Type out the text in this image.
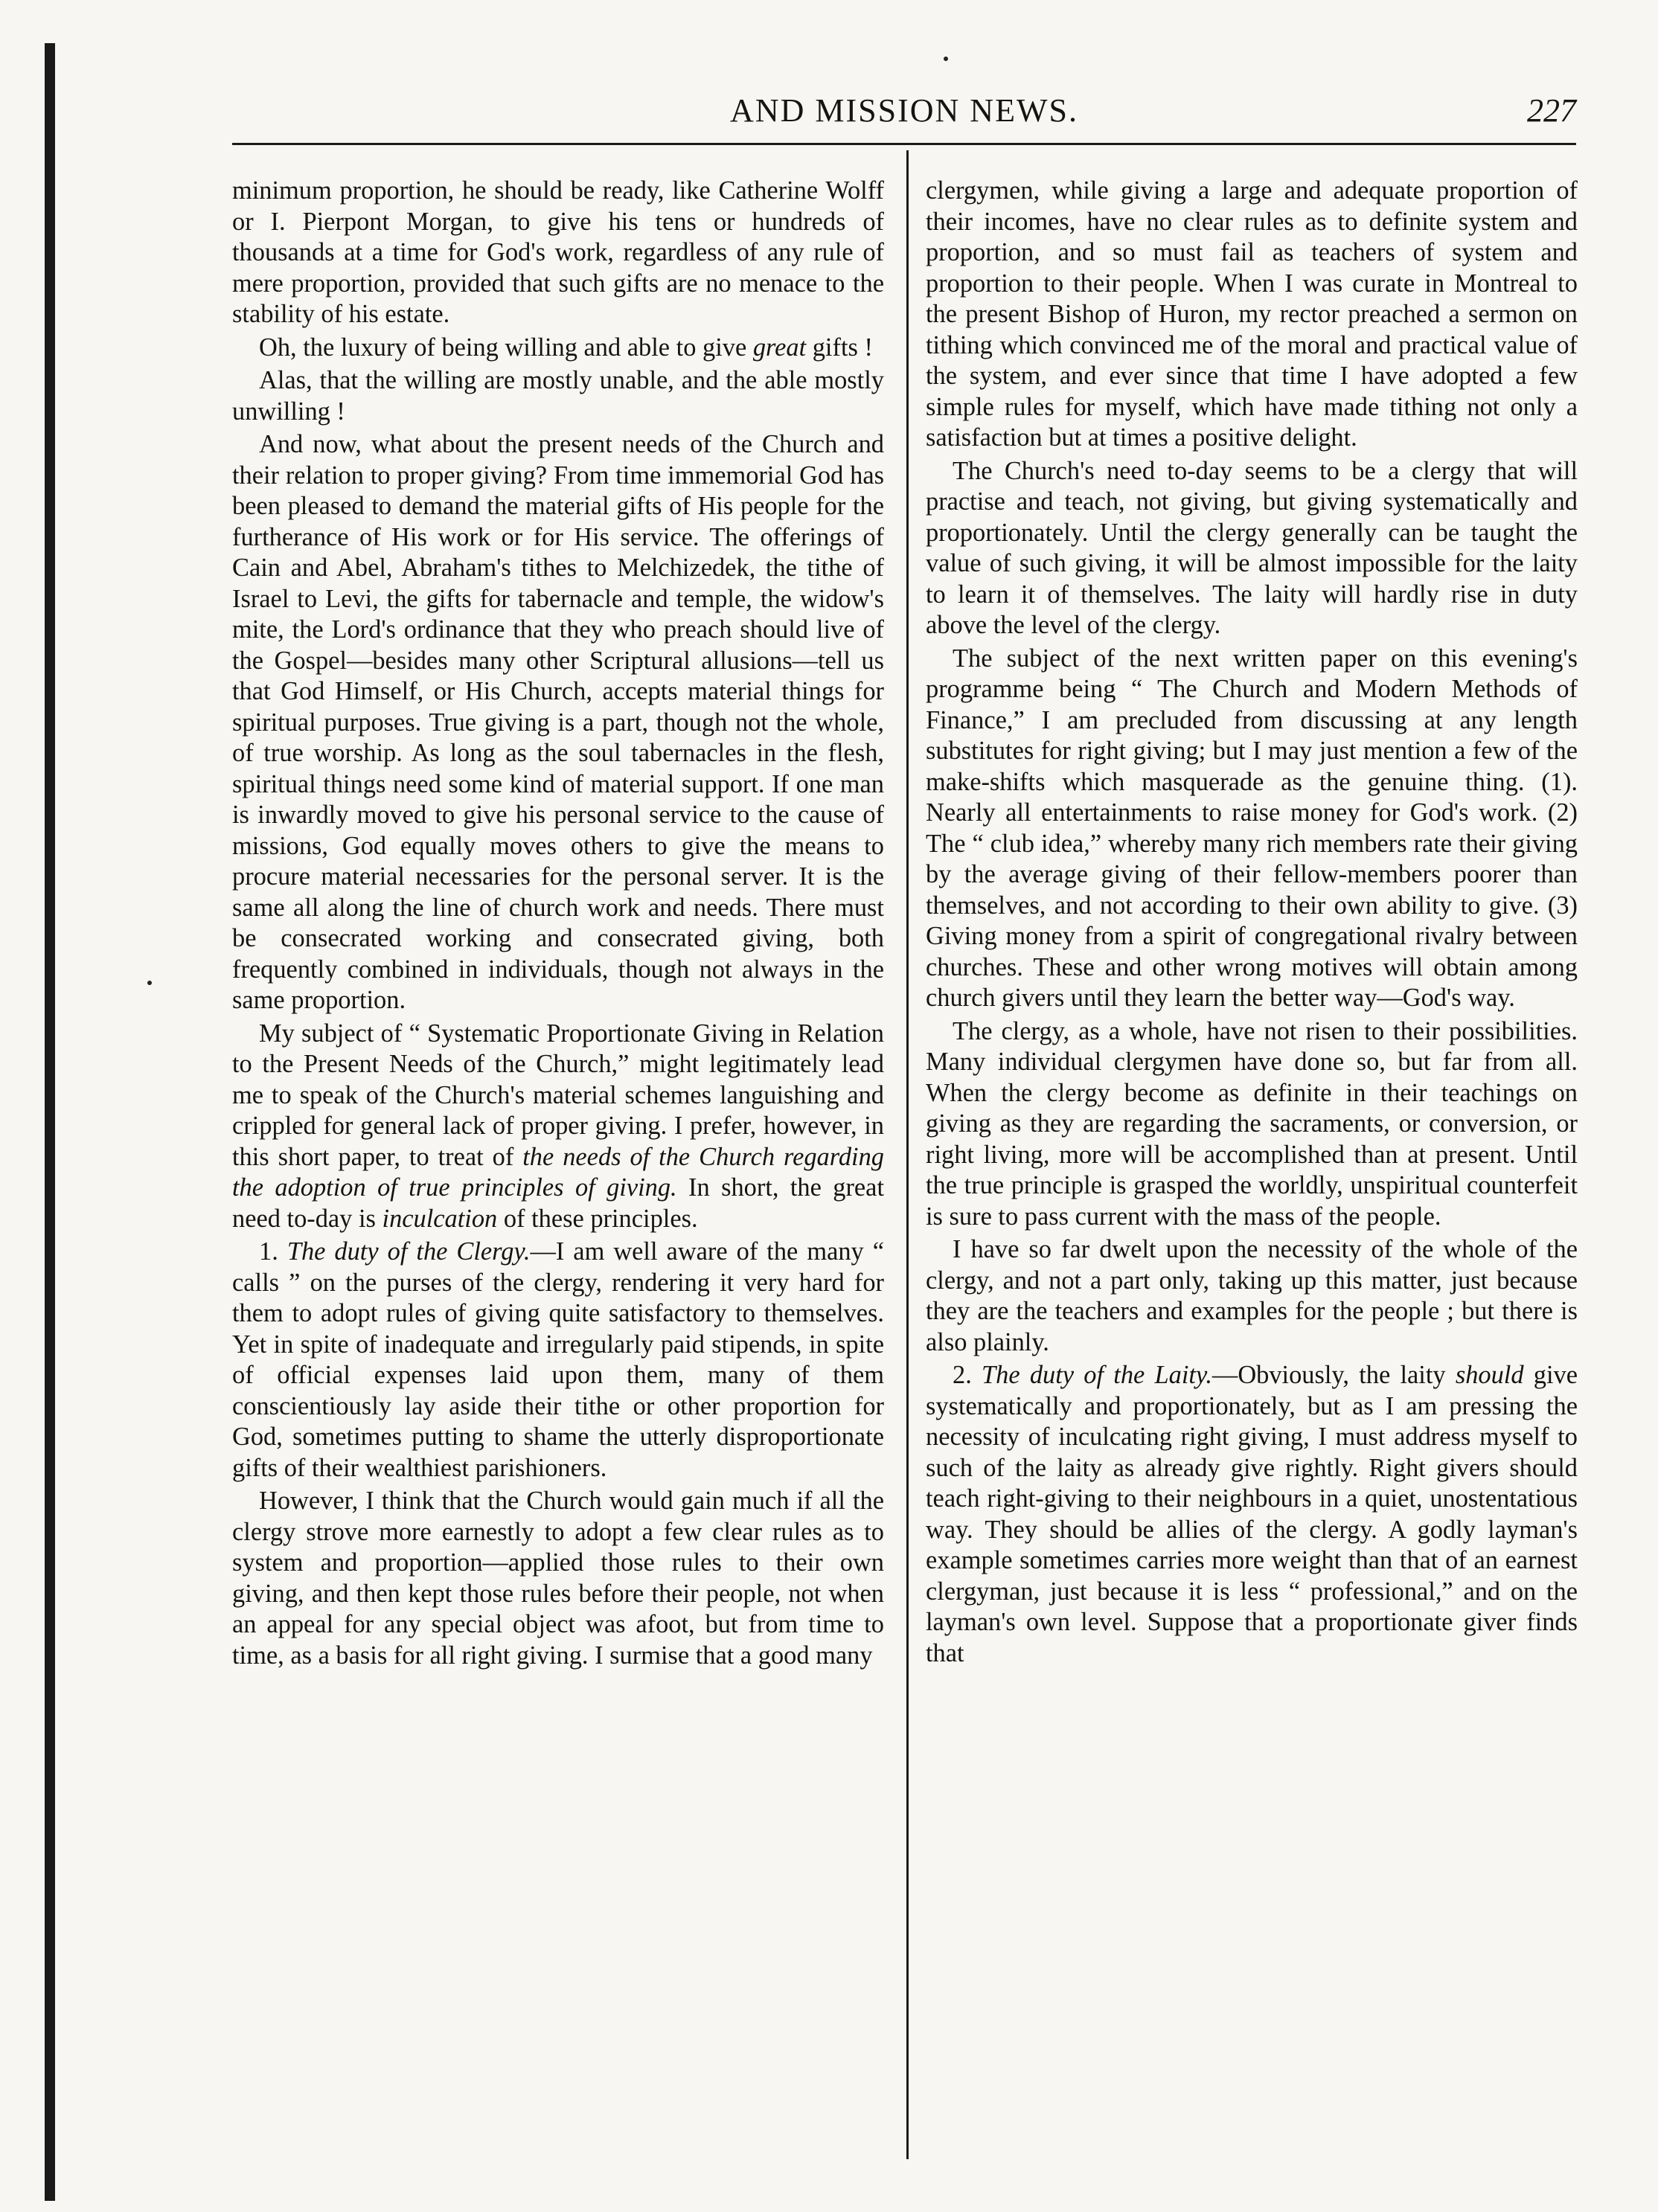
AND MISSION NEWS.	227

minimum proportion, he should be ready, like Catherine Wolff or I. Pierpont Morgan, to give his tens or hundreds of thousands at a time for God's work, regardless of any rule of mere proportion, provided that such gifts are no menace to the stability of his estate.

Oh, the luxury of being willing and able to give great gifts !

Alas, that the willing are mostly unable, and the able mostly unwilling !

And now, what about the present needs of the Church and their relation to proper giving? From time immemorial God has been pleased to demand the material gifts of His people for the furtherance of His work or for His service. The offerings of Cain and Abel, Abraham's tithes to Melchizedek, the tithe of Israel to Levi, the gifts for tabernacle and temple, the widow's mite, the Lord's ordinance that they who preach should live of the Gospel—besides many other Scriptural allusions—tell us that God Himself, or His Church, accepts material things for spiritual purposes. True giving is a part, though not the whole, of true worship. As long as the soul tabernacles in the flesh, spiritual things need some kind of material support. If one man is inwardly moved to give his personal service to the cause of missions, God equally moves others to give the means to procure material necessaries for the personal server. It is the same all along the line of church work and needs. There must be consecrated working and consecrated giving, both frequently combined in individuals, though not always in the same proportion.

My subject of “ Systematic Proportionate Giving in Relation to the Present Needs of the Church,” might legitimately lead me to speak of the Church's material schemes languishing and crippled for general lack of proper giving. I prefer, however, in this short paper, to treat of the needs of the Church regarding the adoption of true principles of giving. In short, the great need to-day is inculcation of these principles.

1. The duty of the Clergy.—I am well aware of the many “ calls ” on the purses of the clergy, rendering it very hard for them to adopt rules of giving quite satisfactory to themselves. Yet in spite of inadequate and irregularly paid stipends, in spite of official expenses laid upon them, many of them conscientiously lay aside their tithe or other proportion for God, sometimes putting to shame the utterly disproportionate gifts of their wealthiest parishioners.

However, I think that the Church would gain much if all the clergy strove more earnestly to adopt a few clear rules as to system and proportion—applied those rules to their own giving, and then kept those rules before their people, not when an appeal for any special object was afoot, but from time to time, as a basis for all right giving. I surmise that a good many

clergymen, while giving a large and adequate proportion of their incomes, have no clear rules as to definite system and proportion, and so must fail as teachers of system and proportion to their people. When I was curate in Montreal to the present Bishop of Huron, my rector preached a sermon on tithing which convinced me of the moral and practical value of the system, and ever since that time I have adopted a few simple rules for myself, which have made tithing not only a satisfaction but at times a positive delight.

The Church's need to-day seems to be a clergy that will practise and teach, not giving, but giving systematically and proportionately. Until the clergy generally can be taught the value of such giving, it will be almost impossible for the laity to learn it of themselves. The laity will hardly rise in duty above the level of the clergy.

The subject of the next written paper on this evening's programme being “ The Church and Modern Methods of Finance,” I am precluded from discussing at any length substitutes for right giving; but I may just mention a few of the make-shifts which masquerade as the genuine thing. (1). Nearly all entertainments to raise money for God's work. (2) The “ club idea,” whereby many rich members rate their giving by the average giving of their fellow-members poorer than themselves, and not according to their own ability to give. (3) Giving money from a spirit of congregational rivalry between churches. These and other wrong motives will obtain among church givers until they learn the better way—God's way.

The clergy, as a whole, have not risen to their possibilities. Many individual clergymen have done so, but far from all. When the clergy become as definite in their teachings on giving as they are regarding the sacraments, or conversion, or right living, more will be accomplished than at present. Until the true principle is grasped the worldly, unspiritual counterfeit is sure to pass current with the mass of the people.

I have so far dwelt upon the necessity of the whole of the clergy, and not a part only, taking up this matter, just because they are the teachers and examples for the people ; but there is also plainly.

2. The duty of the Laity.—Obviously, the laity should give systematically and proportionately, but as I am pressing the necessity of inculcating right giving, I must address myself to such of the laity as already give rightly. Right givers should teach right-giving to their neighbours in a quiet, unostentatious way. They should be allies of the clergy. A godly layman's example sometimes carries more weight than that of an earnest clergyman, just because it is less “ professional,” and on the layman's own level. Suppose that a proportionate giver finds that
